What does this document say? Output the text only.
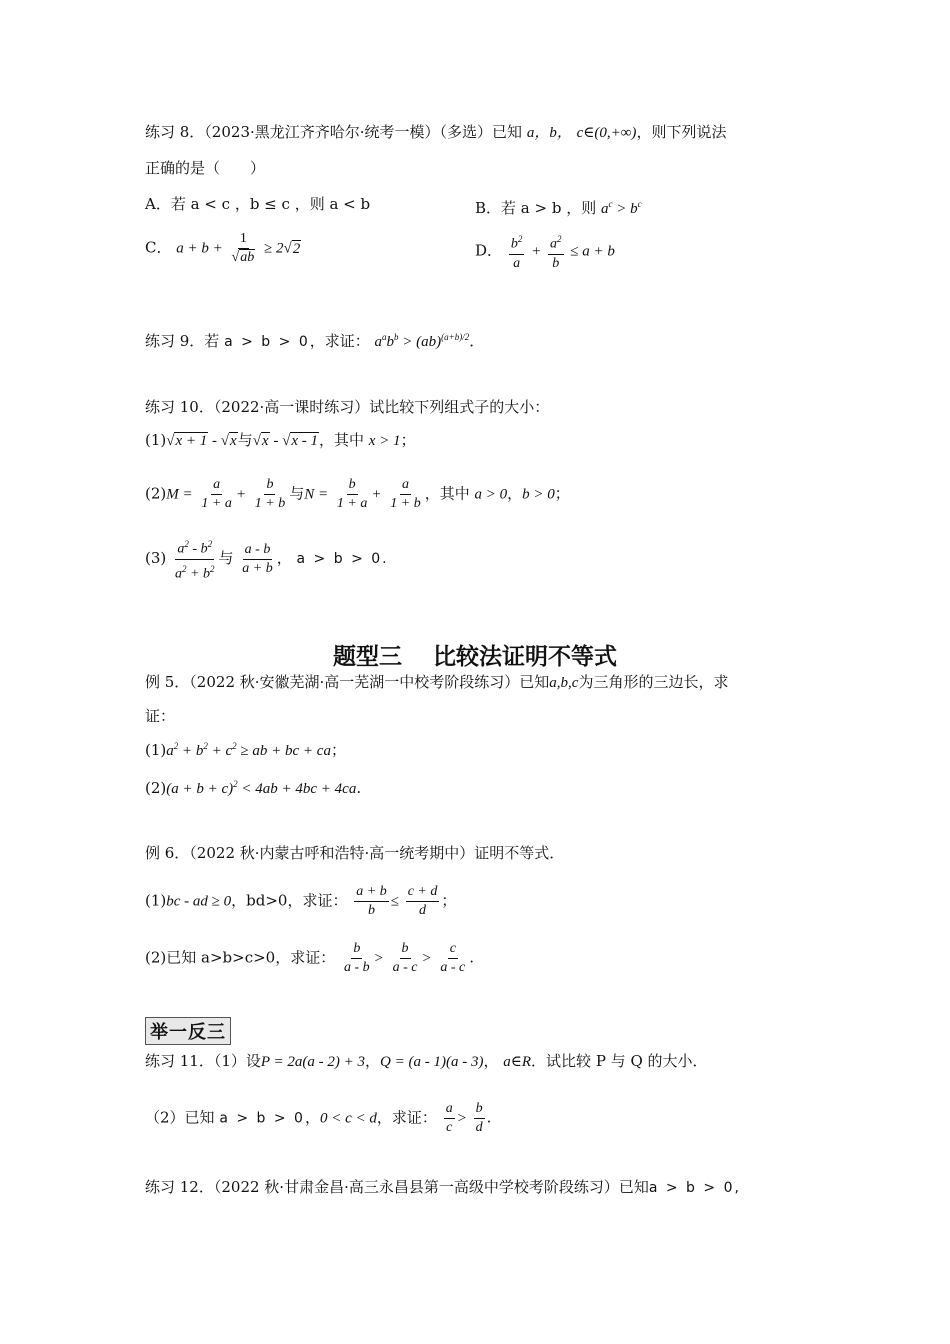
练习 8．（2023·黑龙江齐齐哈尔·统考一模）（多选）已知 a，b， c∈(0,+∞)，则下列说法
正确的是（　　）
A．若 a < c ，b ≤ c ，则 a < b	B．若 a > b ，则 $a^c > b^c$
C． $a + b + \frac{1}{√ab} \ge 2√2$	D． $\frac{b^2}{a} + \frac{a^2}{b} \le a + b$
练习 9．若 a > b > 0，求证： $a^ab^b > (ab)^{(a+b)/2}$．
练习 10．（2022·高一课时练习）试比较下列组式子的大小：
(1)√x + 1 - √x与√x - √x - 1，其中 x > 1；
$(2)M = \frac{a}{1 + a} + \frac{b}{1 + b}$ 与$N = \frac{b}{1 + a} + \frac{a}{1 + b}$ ，其中 a > 0，b > 0；
$(3) \frac{a^2 - b^2}{a^2 + b^2}$ 与 $\frac{a - b}{a + b}$ ， a > b > 0.
题型三　 比较法证明不等式
例 5．（2022 秋·安徽芜湖·高一芜湖一中校考阶段练习）已知a,b,c为三角形的三边长，求
证：
$(1)a^2 + b^2 + c^2$ ≥ ab + bc + ca；
$(2)(a + b + c)^2 < 4ab + 4bc + 4ca$.
例 6．（2022 秋·内蒙古呼和浩特·高一统考期中）证明不等式．
(1)bc - ad ≥ 0，bd>0，求证： $\frac{a + b}{b} \le \frac{c + d}{d}$ ；
(2)已知 a>b>c>0，求证： $\frac{b}{a - b} > \frac{b}{a - c} > \frac{c}{a - c}$ .
举一反三
练习 11．（1）设P = 2a(a - 2) + 3，Q = (a - 1)(a - 3)， a∈R．试比较 P 与 Q 的大小．
（2）已知 a > b > 0，0 < c < d，求证： $\frac{a}{c} > \frac{b}{d}$ .
练习 12．（2022 秋·甘肃金昌·高三永昌县第一高级中学校考阶段练习）已知a > b > 0,
